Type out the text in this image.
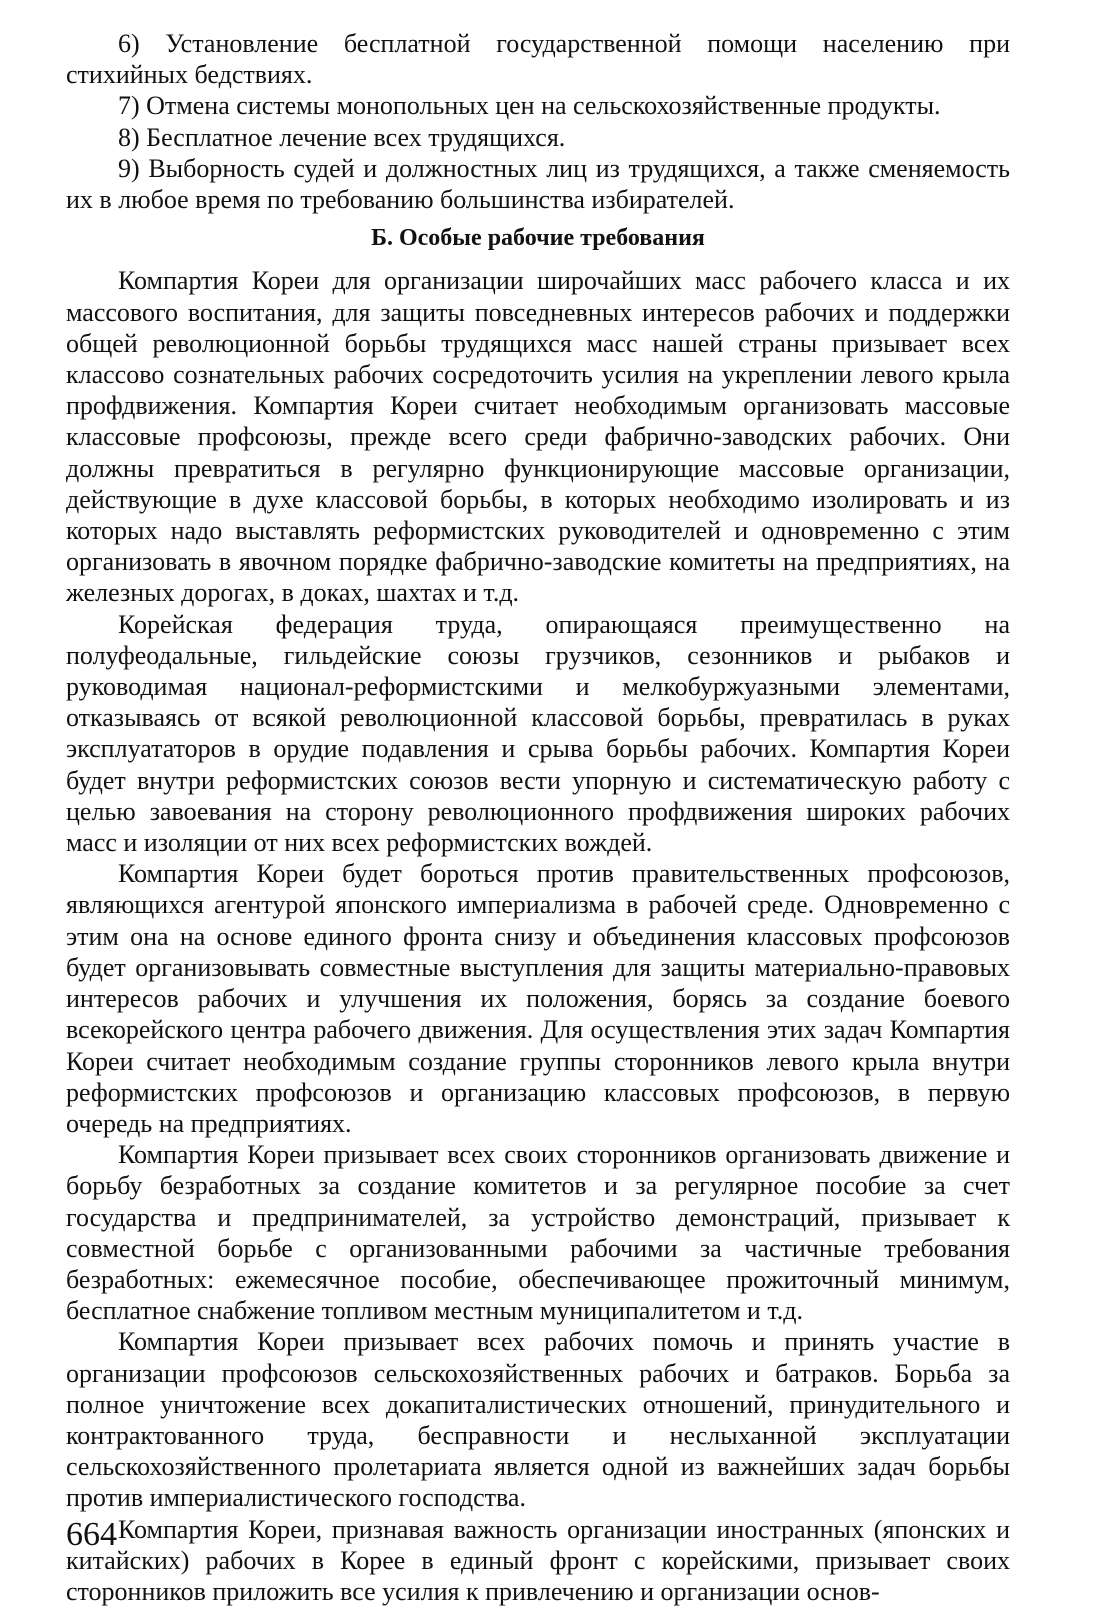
6) Установление бесплатной государственной помощи населению при стихийных бедствиях.

7) Отмена системы монопольных цен на сельскохозяйственные продукты.

8) Бесплатное лечение всех трудящихся.

9) Выборность судей и должностных лиц из трудящихся, а также сменяемость их в любое время по требованию большинства избирателей.

Б. Особые рабочие требования

Компартия Кореи для организации широчайших масс рабочего класса и их массового воспитания, для защиты повседневных интересов рабочих и поддержки общей революционной борьбы трудящихся масс нашей страны призывает всех классово сознательных рабочих сосредоточить усилия на укреплении левого крыла профдвижения. Компартия Кореи считает необходимым организовать массовые классовые профсоюзы, прежде всего среди фабрично-заводских рабочих. Они должны превратиться в регулярно функционирующие массовые организации, действующие в духе классовой борьбы, в которых необходимо изолировать и из которых надо выставлять реформистских руководителей и одновременно с этим организовать в явочном порядке фабрично-заводские комитеты на предприятиях, на железных дорогах, в доках, шахтах и т.д.

Корейская федерация труда, опирающаяся преимущественно на полуфеодальные, гильдейские союзы грузчиков, сезонников и рыбаков и руководимая национал-реформистскими и мелкобуржуазными элементами, отказываясь от всякой революционной классовой борьбы, превратилась в руках эксплуататоров в орудие подавления и срыва борьбы рабочих. Компартия Кореи будет внутри реформистских союзов вести упорную и систематическую работу с целью завоевания на сторону революционного профдвижения широких рабочих масс и изоляции от них всех реформистских вождей.

Компартия Кореи будет бороться против правительственных профсоюзов, являющихся агентурой японского империализма в рабочей среде. Одновременно с этим она на основе единого фронта снизу и объединения классовых профсоюзов будет организовывать совместные выступления для защиты материально-правовых интересов рабочих и улучшения их положения, борясь за создание боевого всекорейского центра рабочего движения. Для осуществления этих задач Компартия Кореи считает необходимым создание группы сторонников левого крыла внутри реформистских профсоюзов и организацию классовых профсоюзов, в первую очередь на предприятиях.

Компартия Кореи призывает всех своих сторонников организовать движение и борьбу безработных за создание комитетов и за регулярное пособие за счет государства и предпринимателей, за устройство демонстраций, призывает к совместной борьбе с организованными рабочими за частичные требования безработных: ежемесячное пособие, обеспечивающее прожиточный минимум, бесплатное снабжение топливом местным муниципалитетом и т.д.

Компартия Кореи призывает всех рабочих помочь и принять участие в организации профсоюзов сельскохозяйственных рабочих и батраков. Борьба за полное уничтожение всех докапиталистических отношений, принудительного и контрактованного труда, бесправности и неслыханной эксплуатации сельскохозяйственного пролетариата является одной из важнейших задач борьбы против империалистического господства.

Компартия Кореи, признавая важность организации иностранных (японских и китайских) рабочих в Корее в единый фронт с корейскими, призывает своих сторонников приложить все усилия к привлечению и организации основ-

664
